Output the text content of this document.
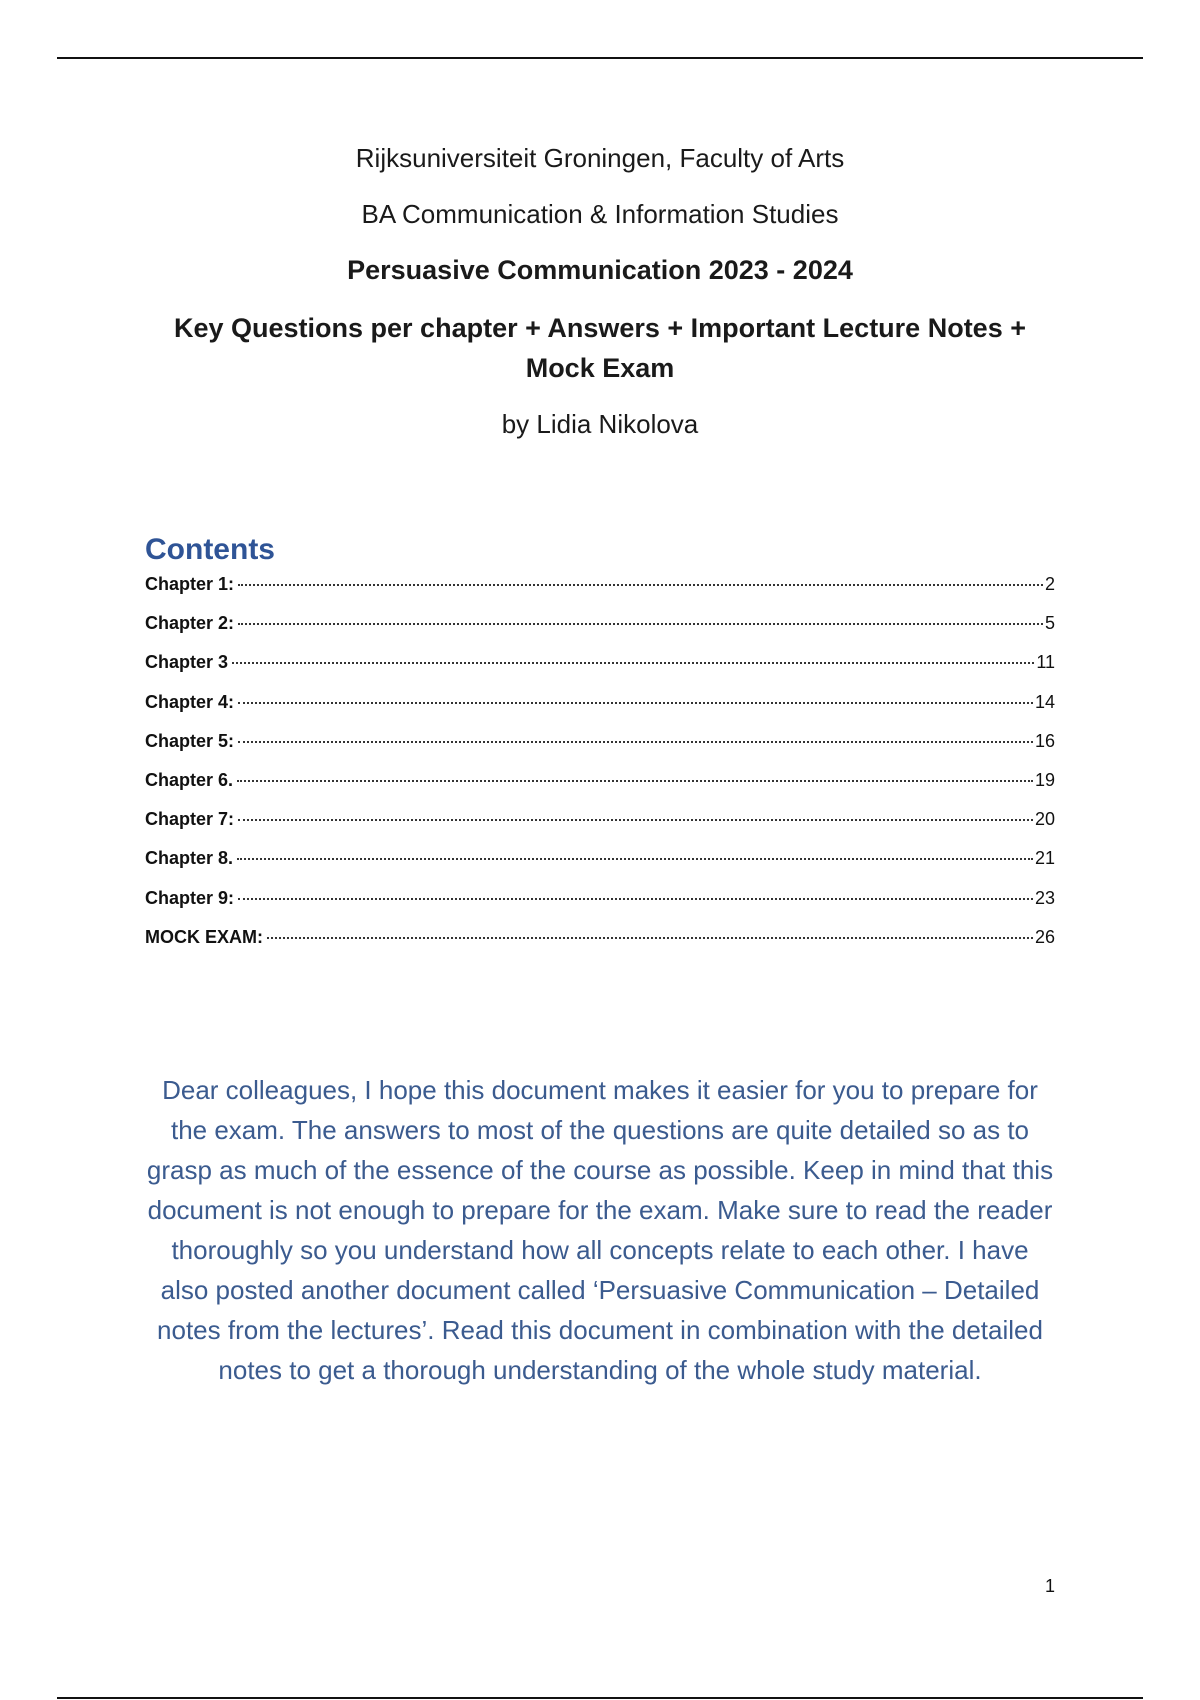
Rijksuniversiteit Groningen, Faculty of Arts

BA Communication & Information Studies

Persuasive Communication 2023 - 2024

Key Questions per chapter + Answers + Important Lecture Notes + Mock Exam

by Lidia Nikolova

Contents
Chapter 1:	2
Chapter 2:	5
Chapter 3	11
Chapter 4:	14
Chapter 5:	16
Chapter 6.	19
Chapter 7:	20
Chapter 8.	21
Chapter 9:	23
MOCK EXAM:	26

Dear colleagues, I hope this document makes it easier for you to prepare for the exam. The answers to most of the questions are quite detailed so as to grasp as much of the essence of the course as possible. Keep in mind that this document is not enough to prepare for the exam. Make sure to read the reader thoroughly so you understand how all concepts relate to each other. I have also posted another document called ‘Persuasive Communication – Detailed notes from the lectures’. Read this document in combination with the detailed notes to get a thorough understanding of the whole study material.

1
